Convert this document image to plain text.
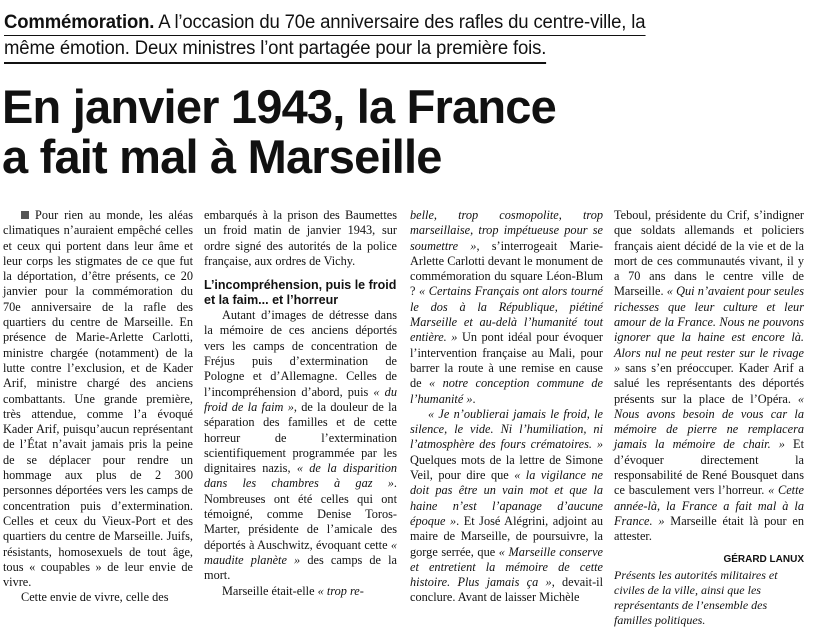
Commémoration. A l’occasion du 70e anniversaire des rafles du centre-ville, la
même émotion. Deux ministres l’ont partagée pour la première fois.
En janvier 1943, la France
a fait mal à Marseille

Pour rien au monde, les aléas climatiques n’auraient empêché celles et ceux qui portent dans leur âme et leur corps les stigmates de ce que fut la déportation, d’être présents, ce 20 janvier pour la commémoration du 70e anniversaire de la rafle des quartiers du centre de Marseille. En présence de Marie-Arlette Carlotti, ministre chargée (notamment) de la lutte contre l’exclusion, et de Kader Arif, ministre chargé des anciens combattants. Une grande première, très attendue, comme l’a évoqué Kader Arif, puisqu’aucun représentant de l’État n’avait jamais pris la peine de se déplacer pour rendre un hommage aux plus de 2 300 personnes déportées vers les camps de concentration puis d’extermination. Celles et ceux du Vieux-Port et des quartiers du centre de Marseille. Juifs, résistants, homosexuels de tout âge, tous « coupables » de leur envie de vivre.

Cette envie de vivre, celle des

embarqués à la prison des Baumettes un froid matin de janvier 1943, sur ordre signé des autorités de la police française, aux ordres de Vichy.

L’incompréhension, puis le froid et la faim... et l’horreur

Autant d’images de détresse dans la mémoire de ces anciens déportés vers les camps de concentration de Fréjus puis d’extermination de Pologne et d’Allemagne. Celles de l’incompréhension d’abord, puis « du froid de la faim », de la douleur de la séparation des familles et de cette horreur de l’extermination scientifiquement programmée par les dignitaires nazis, « de la disparition dans les chambres à gaz ». Nombreuses ont été celles qui ont témoigné, comme Denise Toros-Marter, présidente de l’amicale des déportés à Auschwitz, évoquant cette « maudite planète » des camps de la mort.

Marseille était-elle « trop re-

belle, trop cosmopolite, trop marseillaise, trop impétueuse pour se soumettre », s’interrogeait Marie-Arlette Carlotti devant le monument de commémoration du square Léon-Blum ? « Certains Français ont alors tourné le dos à la République, piétiné Marseille et au-delà l’humanité tout entière. » Un pont idéal pour évoquer l’intervention française au Mali, pour barrer la route à une remise en cause de « notre conception commune de l’humanité ».

« Je n’oublierai jamais le froid, le silence, le vide. Ni l’humiliation, ni l’atmosphère des fours crématoires. » Quelques mots de la lettre de Simone Veil, pour dire que « la vigilance ne doit pas être un vain mot et que la haine n’est l’apanage d’aucune époque ». Et José Alégrini, adjoint au maire de Marseille, de poursuivre, la gorge serrée, que « Marseille conserve et entretient la mémoire de cette histoire. Plus jamais ça », devait-il conclure. Avant de laisser Michèle

Teboul, présidente du Crif, s’indigner que soldats allemands et policiers français aient décidé de la vie et de la mort de ces communautés vivant, il y a 70 ans dans le centre ville de Marseille. « Qui n’avaient pour seules richesses que leur culture et leur amour de la France. Nous ne pouvons ignorer que la haine est encore là. Alors nul ne peut rester sur le rivage » sans s’en préoccuper. Kader Arif a salué les représentants des déportés présents sur la place de l’Opéra. « Nous avons besoin de vous car la mémoire de pierre ne remplacera jamais la mémoire de chair. » Et d’évoquer directement la responsabilité de René Bousquet dans ce basculement vers l’horreur. « Cette année-là, la France a fait mal à la France. » Marseille était là pour en attester.

GÉRARD LANUX

Présents les autorités militaires et civiles de la ville, ainsi que les représentants de l’ensemble des familles politiques.
